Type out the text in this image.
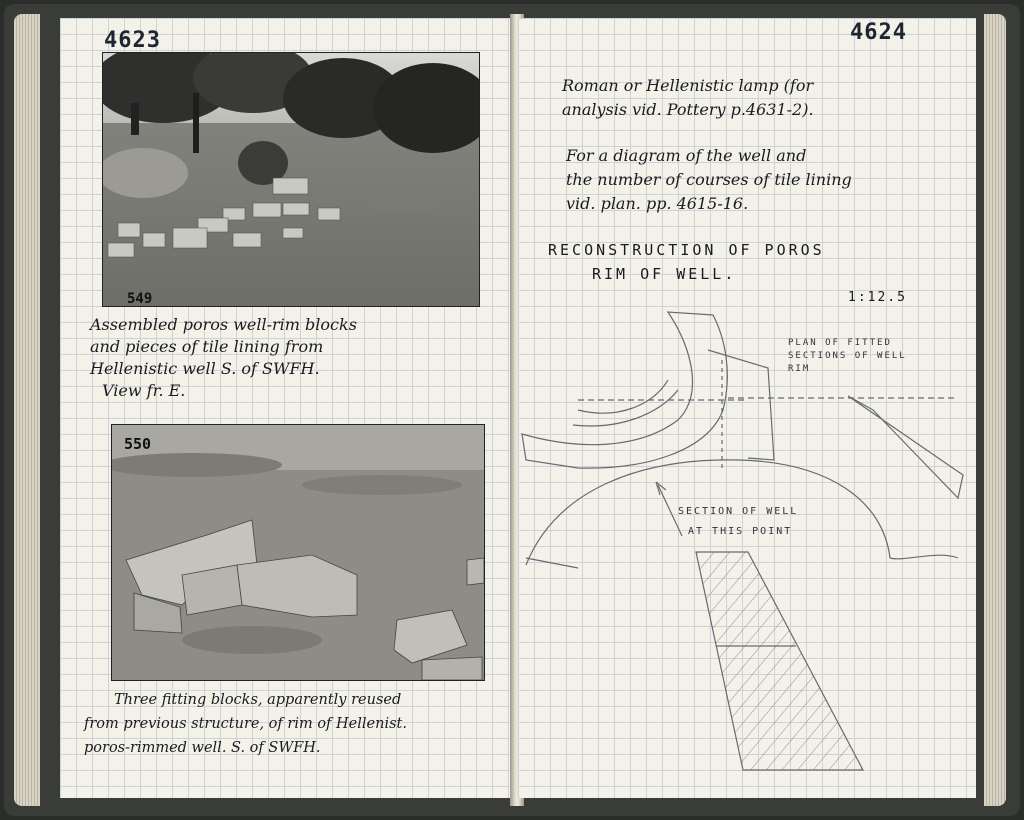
4623
549
Assembled poros well-rim blocks
and pieces of tile lining from
Hellenistic well S. of SWFH.
View fr. E.
550
Three fitting blocks, apparently reused
from previous structure, of rim of Hellenist.
poros-rimmed well. S. of SWFH.
4624
Roman or Hellenistic lamp (for
analysis vid. Pottery p.4631-2).
For a diagram of the well and
the number of courses of tile lining
vid. plan. pp. 4615-16.
RECONSTRUCTION OF POROS
RIM OF WELL.
1:12.5
PLAN OF FITTED
SECTIONS OF WELL
RIM
SECTION OF WELL
AT THIS POINT
